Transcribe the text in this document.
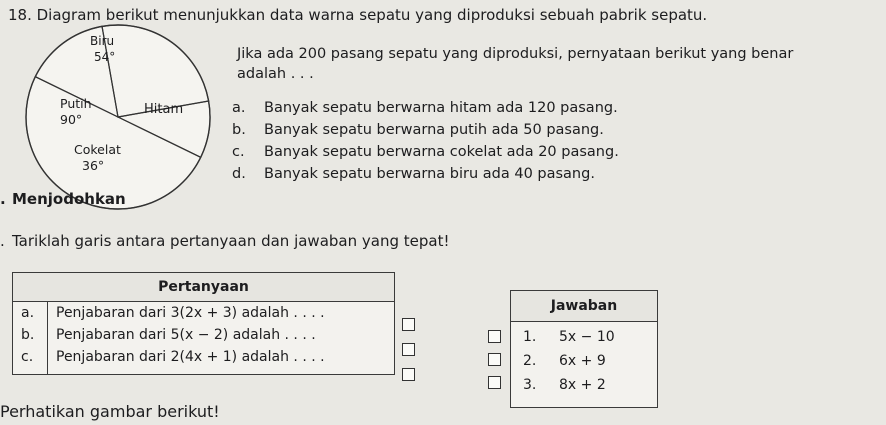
18. Diagram berikut menunjukkan data warna sepatu yang diproduksi sebuah pabrik sepatu.
Biru
54°
Putih
90°
Hitam
Cokelat
36°
Jika ada 200 pasang sepatu yang diproduksi, pernyataan berikut yang benar
adalah . . .
a. Banyak sepatu berwarna hitam ada 120 pasang.
b. Banyak sepatu berwarna putih ada 50 pasang.
c. Banyak sepatu berwarna cokelat ada 20 pasang.
d. Banyak sepatu berwarna biru ada 40 pasang.
. Menjodohkan
. Tariklah garis antara pertanyaan dan jawaban yang tepat!
Pertanyaan	
a.	Penjabaran dari 3(2x + 3) adalah . . . .
b.	Penjabaran dari 5(x − 2) adalah . . . .
c.	Penjabaran dari 2(4x + 1) adalah . . . .
Jawaban
1. 5x − 10
2. 6x + 9
3. 8x + 2
Perhatikan gambar berikut!
